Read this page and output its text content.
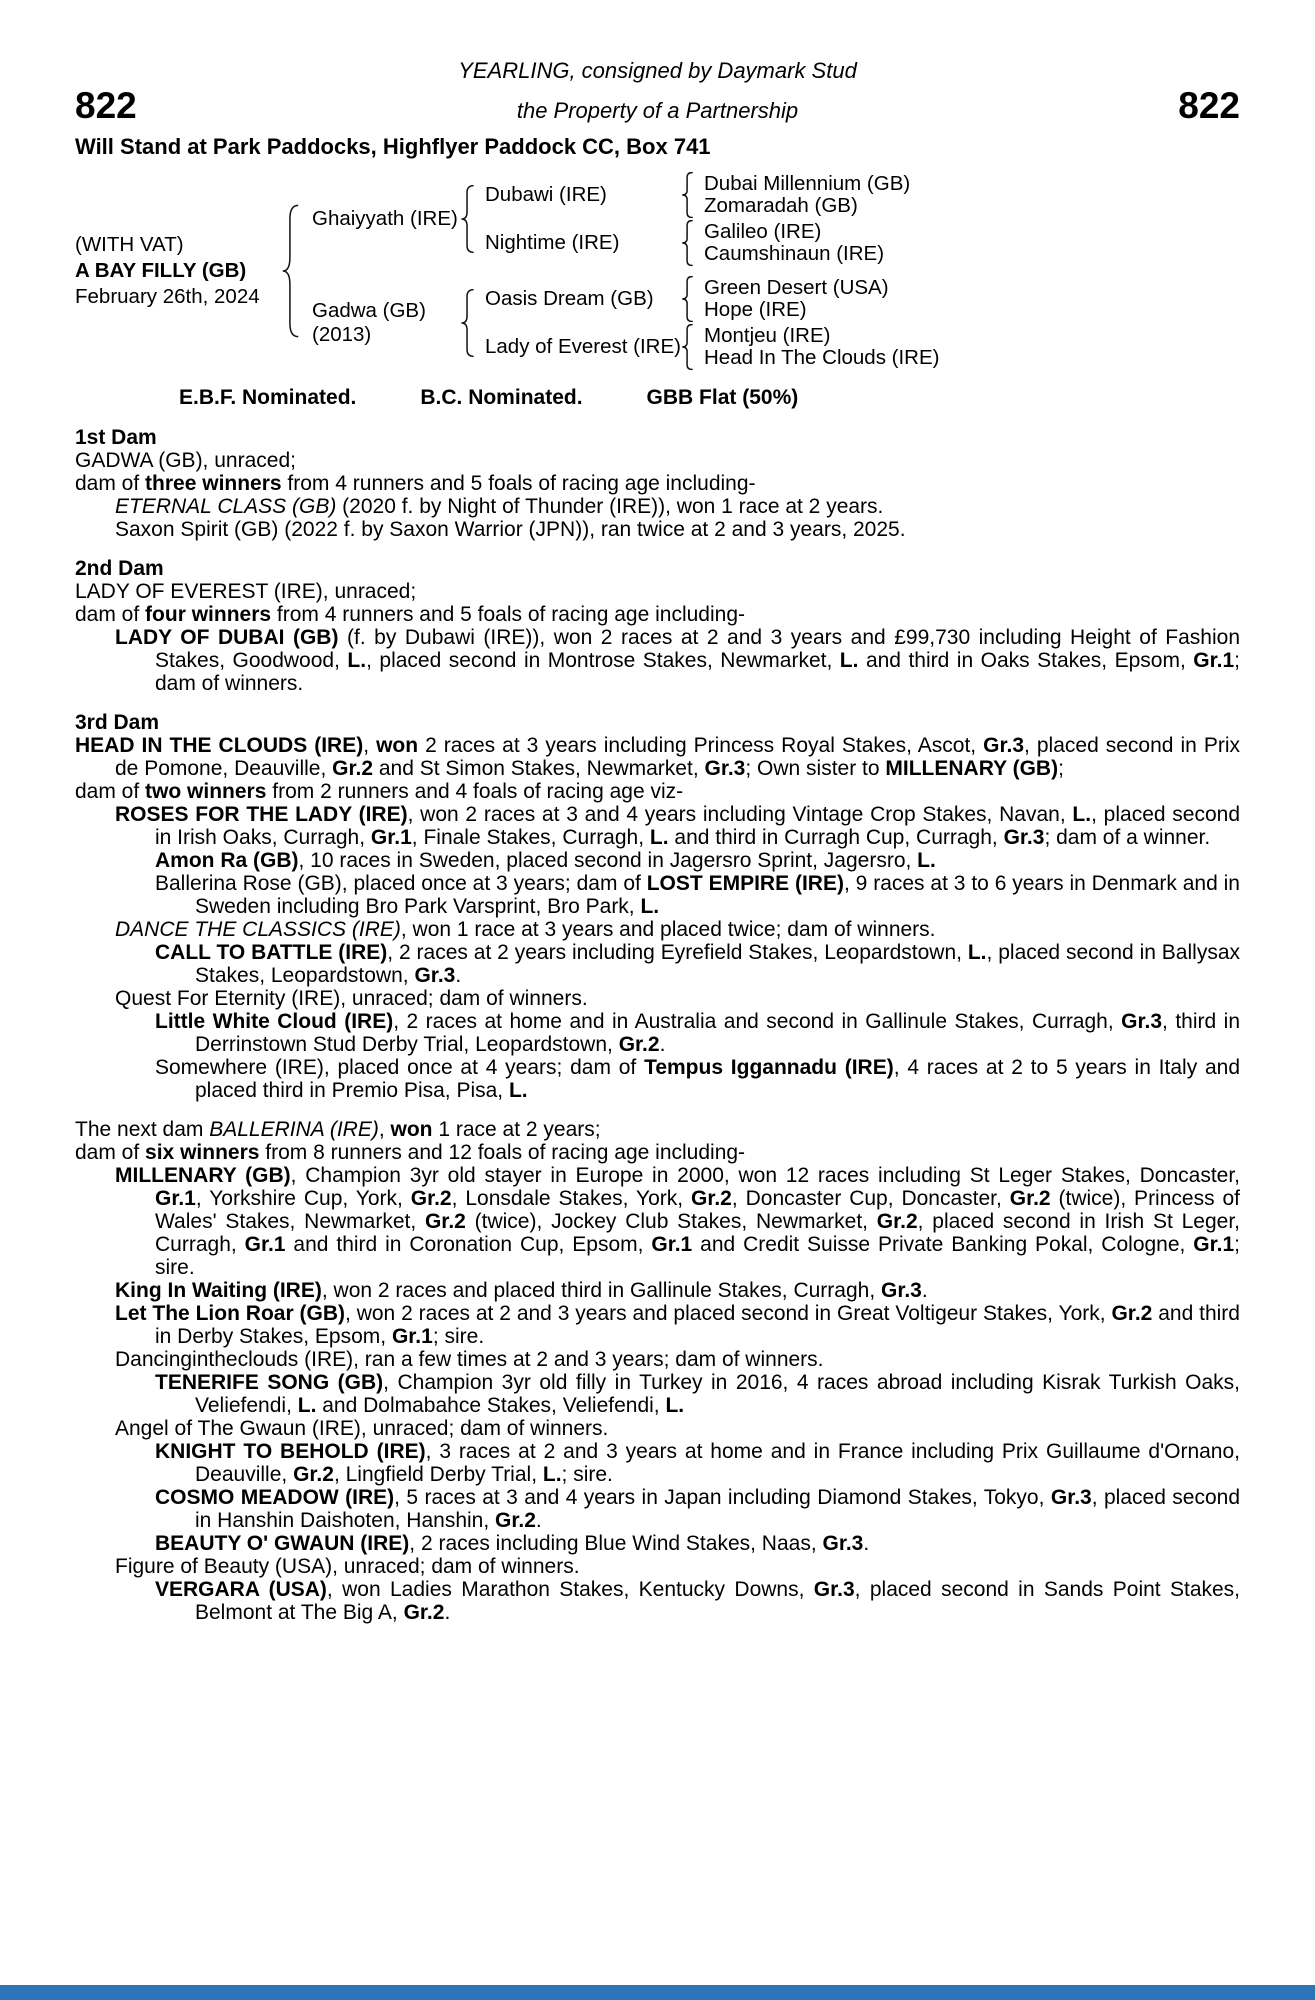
YEARLING, consigned by Daymark Stud
822	the Property of a Partnership	822
Will Stand at Park Paddocks, Highflyer Paddock CC, Box 741
(WITH VAT)
A BAY FILLY (GB)
February 26th, 2024
Ghaiyyath (IRE)
Dubawi (IRE)	Dubai Millennium (GB)
Zomaradah (GB)
Nightime (IRE)	Galileo (IRE)
Caumshinaun (IRE)
Gadwa (GB)
(2013)
Oasis Dream (GB)	Green Desert (USA)
Hope (IRE)
Lady of Everest (IRE) Montjeu (IRE)
Head In The Clouds (IRE)
E.B.F. Nominated.	B.C. Nominated.	GBB Flat (50%)
1st Dam
GADWA (GB), unraced;
dam of three winners from 4 runners and 5 foals of racing age including-
ETERNAL CLASS (GB) (2020 f. by Night of Thunder (IRE)), won 1 race at 2 years.
Saxon Spirit (GB) (2022 f. by Saxon Warrior (JPN)), ran twice at 2 and 3 years, 2025.
2nd Dam
LADY OF EVEREST (IRE), unraced;
dam of four winners from 4 runners and 5 foals of racing age including-
LADY OF DUBAI (GB) (f. by Dubawi (IRE)), won 2 races at 2 and 3 years and £99,730 including Height of Fashion Stakes, Goodwood, L., placed second in Montrose Stakes, Newmarket, L. and third in Oaks Stakes, Epsom, Gr.1; dam of winners.
3rd Dam
HEAD IN THE CLOUDS (IRE), won 2 races at 3 years including Princess Royal Stakes, Ascot, Gr.3, placed second in Prix de Pomone, Deauville, Gr.2 and St Simon Stakes, Newmarket, Gr.3; Own sister to MILLENARY (GB);
dam of two winners from 2 runners and 4 foals of racing age viz-
ROSES FOR THE LADY (IRE), won 2 races at 3 and 4 years including Vintage Crop Stakes, Navan, L., placed second in Irish Oaks, Curragh, Gr.1, Finale Stakes, Curragh, L. and third in Curragh Cup, Curragh, Gr.3; dam of a winner.
Amon Ra (GB), 10 races in Sweden, placed second in Jagersro Sprint, Jagersro, L.
Ballerina Rose (GB), placed once at 3 years; dam of LOST EMPIRE (IRE), 9 races at 3 to 6 years in Denmark and in Sweden including Bro Park Varsprint, Bro Park, L.
DANCE THE CLASSICS (IRE), won 1 race at 3 years and placed twice; dam of winners.
CALL TO BATTLE (IRE), 2 races at 2 years including Eyrefield Stakes, Leopardstown, L., placed second in Ballysax Stakes, Leopardstown, Gr.3.
Quest For Eternity (IRE), unraced; dam of winners.
Little White Cloud (IRE), 2 races at home and in Australia and second in Gallinule Stakes, Curragh, Gr.3, third in Derrinstown Stud Derby Trial, Leopardstown, Gr.2.
Somewhere (IRE), placed once at 4 years; dam of Tempus Iggannadu (IRE), 4 races at 2 to 5 years in Italy and placed third in Premio Pisa, Pisa, L.
The next dam BALLERINA (IRE), won 1 race at 2 years;
dam of six winners from 8 runners and 12 foals of racing age including-
MILLENARY (GB), Champion 3yr old stayer in Europe in 2000, won 12 races including St Leger Stakes, Doncaster, Gr.1, Yorkshire Cup, York, Gr.2, Lonsdale Stakes, York, Gr.2, Doncaster Cup, Doncaster, Gr.2 (twice), Princess of Wales' Stakes, Newmarket, Gr.2 (twice), Jockey Club Stakes, Newmarket, Gr.2, placed second in Irish St Leger, Curragh, Gr.1 and third in Coronation Cup, Epsom, Gr.1 and Credit Suisse Private Banking Pokal, Cologne, Gr.1; sire.
King In Waiting (IRE), won 2 races and placed third in Gallinule Stakes, Curragh, Gr.3.
Let The Lion Roar (GB), won 2 races at 2 and 3 years and placed second in Great Voltigeur Stakes, York, Gr.2 and third in Derby Stakes, Epsom, Gr.1; sire.
Dancingintheclouds (IRE), ran a few times at 2 and 3 years; dam of winners.
TENERIFE SONG (GB), Champion 3yr old filly in Turkey in 2016, 4 races abroad including Kisrak Turkish Oaks, Veliefendi, L. and Dolmabahce Stakes, Veliefendi, L.
Angel of The Gwaun (IRE), unraced; dam of winners.
KNIGHT TO BEHOLD (IRE), 3 races at 2 and 3 years at home and in France including Prix Guillaume d'Ornano, Deauville, Gr.2, Lingfield Derby Trial, L.; sire.
COSMO MEADOW (IRE), 5 races at 3 and 4 years in Japan including Diamond Stakes, Tokyo, Gr.3, placed second in Hanshin Daishoten, Hanshin, Gr.2.
BEAUTY O' GWAUN (IRE), 2 races including Blue Wind Stakes, Naas, Gr.3.
Figure of Beauty (USA), unraced; dam of winners.
VERGARA (USA), won Ladies Marathon Stakes, Kentucky Downs, Gr.3, placed second in Sands Point Stakes, Belmont at The Big A, Gr.2.
